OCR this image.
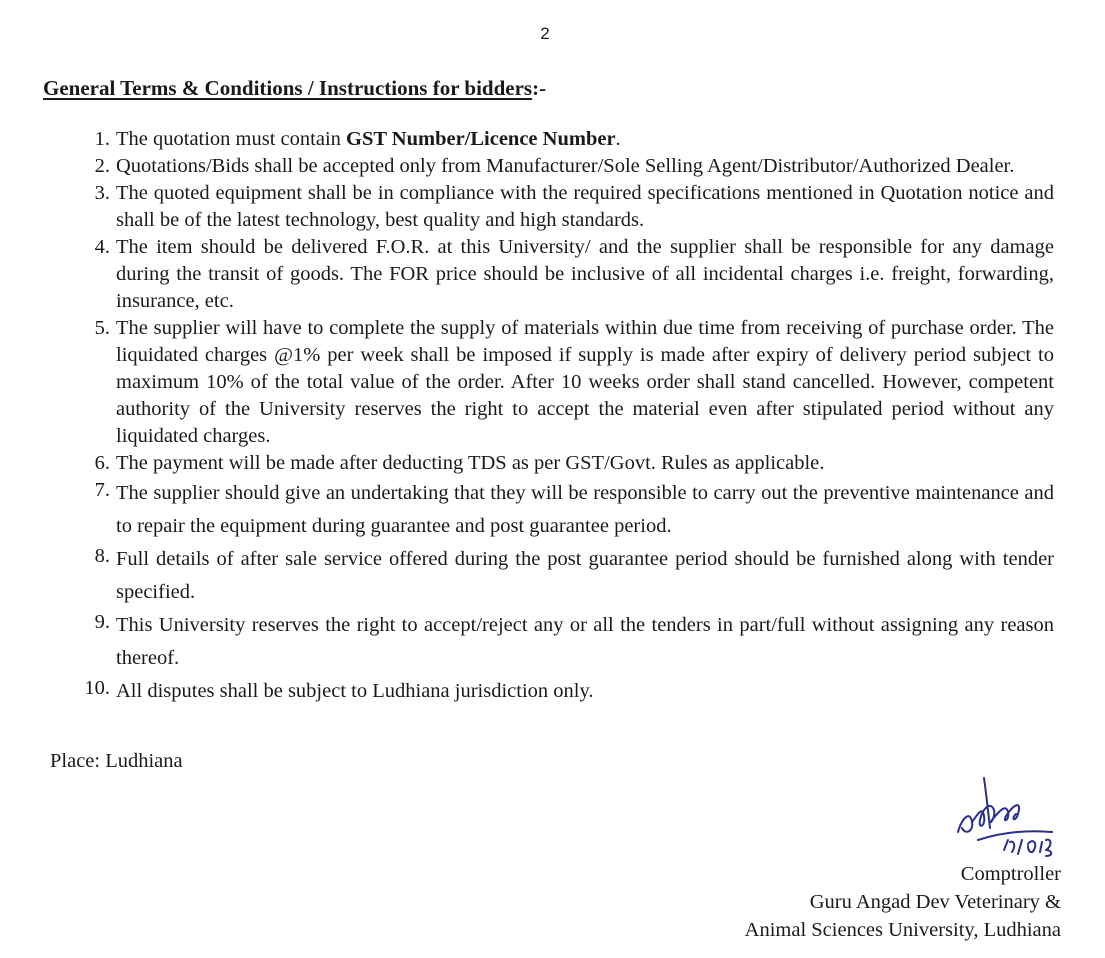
2
General Terms & Conditions / Instructions for bidders:-
1. The quotation must contain GST Number/Licence Number.
2. Quotations/Bids shall be accepted only from Manufacturer/Sole Selling Agent/Distributor/Authorized Dealer.
3. The quoted equipment shall be in compliance with the required specifications mentioned in Quotation notice and shall be of the latest technology, best quality and high standards.
4. The item should be delivered F.O.R. at this University/ and the supplier shall be responsible for any damage during the transit of goods. The FOR price should be inclusive of all incidental charges i.e. freight, forwarding, insurance, etc.
5. The supplier will have to complete the supply of materials within due time from receiving of purchase order. The liquidated charges @1% per week shall be imposed if supply is made after expiry of delivery period subject to maximum 10% of the total value of the order. After 10 weeks order shall stand cancelled. However, competent authority of the University reserves the right to accept the material even after stipulated period without any liquidated charges.
6. The payment will be made after deducting TDS as per GST/Govt. Rules as applicable.
7. The supplier should give an undertaking that they will be responsible to carry out the preventive maintenance and to repair the equipment during guarantee and post guarantee period.
8. Full details of after sale service offered during the post guarantee period should be furnished along with tender specified.
9. This University reserves the right to accept/reject any or all the tenders in part/full without assigning any reason thereof.
10. All disputes shall be subject to Ludhiana jurisdiction only.
Place: Ludhiana
Comptroller
Guru Angad Dev Veterinary &
Animal Sciences University, Ludhiana
